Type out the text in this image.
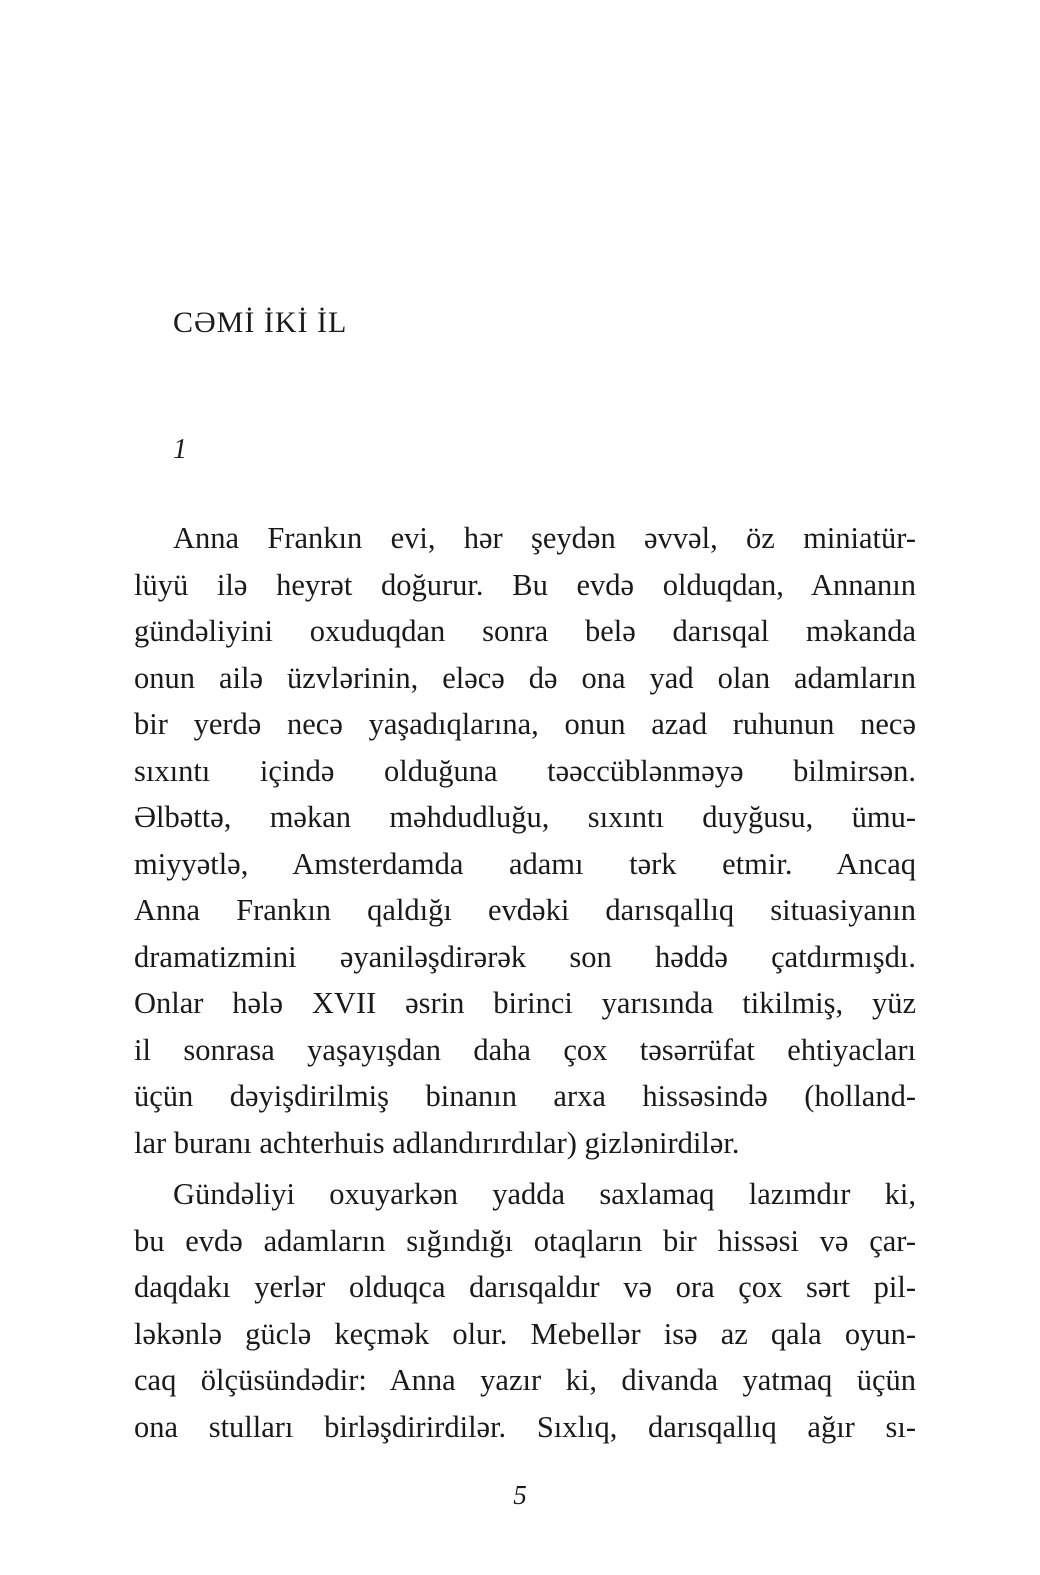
CƏMİ İKİ İL
1
Anna Frankın evi, hər şeydən əvvəl, öz miniatür-
lüyü ilə heyrət doğurur. Bu evdə olduqdan, Annanın
gündəliyini oxuduqdan sonra belə darısqal məkanda
onun ailə üzvlərinin, eləcə də ona yad olan adamların
bir yerdə necə yaşadıqlarına, onun azad ruhunun necə
sıxıntı içində olduğuna təəccüblənməyə bilmirsən.
Əlbəttə, məkan məhdudluğu, sıxıntı duyğusu, ümu-
miyyətlə, Amsterdamda adamı tərk etmir. Ancaq
Anna Frankın qaldığı evdəki darısqallıq situasiyanın
dramatizmini əyaniləşdirərək son həddə çatdırmışdı.
Onlar hələ XVII əsrin birinci yarısında tikilmiş, yüz
il sonrasa yaşayışdan daha çox təsərrüfat ehtiyacları
üçün dəyişdirilmiş binanın arxa hissəsində (holland-
lar buranı achterhuis adlandırırdılar) gizlənirdilər.
Gündəliyi oxuyarkən yadda saxlamaq lazımdır ki,
bu evdə adamların sığındığı otaqların bir hissəsi və çar-
daqdakı yerlər olduqca darısqaldır və ora çox sərt pil-
ləkənlə güclə keçmək olur. Mebellər isə az qala oyun-
caq ölçüsündədir: Anna yazır ki, divanda yatmaq üçün
ona stulları birləşdirirdilər. Sıxlıq, darısqallıq ağır sı-
5
